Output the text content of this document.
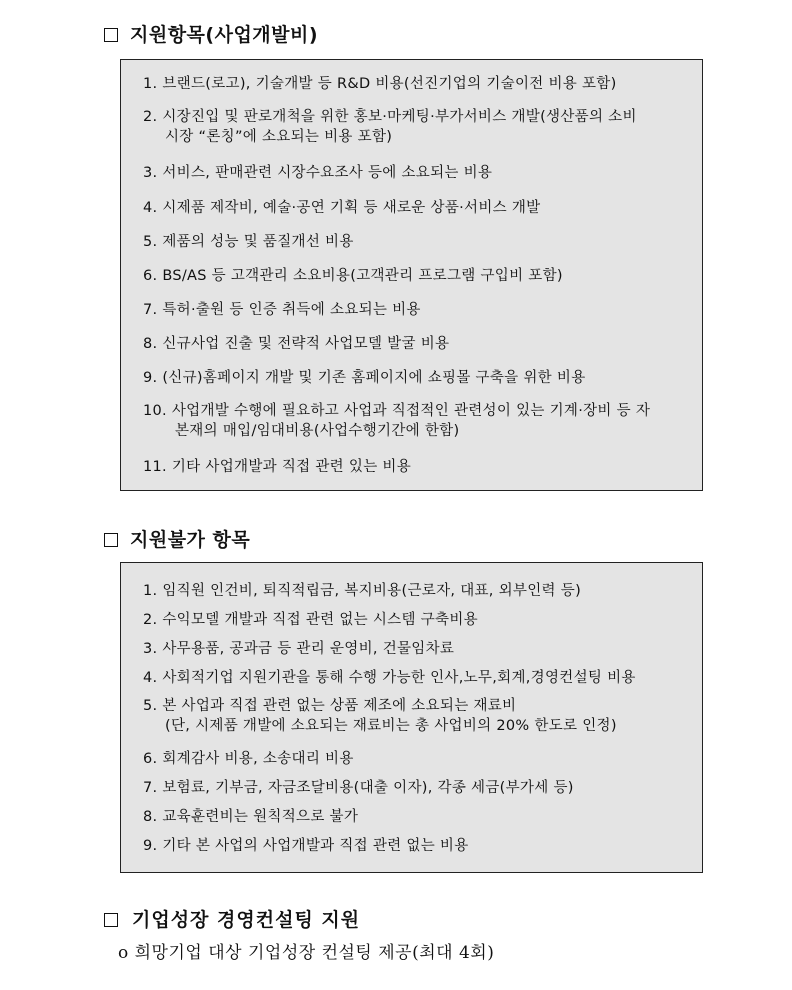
지원항목(사업개발비)
1. 브랜드(로고), 기술개발 등 R&D 비용(선진기업의 기술이전 비용 포함)
2. 시장진입 및 판로개척을 위한 홍보·마케팅·부가서비스 개발(생산품의 소비
시장 “론칭”에 소요되는 비용 포함)
3. 서비스, 판매관련 시장수요조사 등에 소요되는 비용
4. 시제품 제작비, 예술·공연 기획 등 새로운 상품·서비스 개발
5. 제품의 성능 및 품질개선 비용
6. BS/AS 등 고객관리 소요비용(고객관리 프로그램 구입비 포함)
7. 특허·출원 등 인증 취득에 소요되는 비용
8. 신규사업 진출 및 전략적 사업모델 발굴 비용
9. (신규)홈페이지 개발 및 기존 홈페이지에 쇼핑몰 구축을 위한 비용
10. 사업개발 수행에 필요하고 사업과 직접적인 관련성이 있는 기계·장비 등 자
본재의 매입/임대비용(사업수행기간에 한함)
11. 기타 사업개발과 직접 관련 있는 비용
지원불가 항목
1. 임직원 인건비, 퇴직적립금, 복지비용(근로자, 대표, 외부인력 등)
2. 수익모델 개발과 직접 관련 없는 시스템 구축비용
3. 사무용품, 공과금 등 관리 운영비, 건물임차료
4. 사회적기업 지원기관을 통해 수행 가능한 인사,노무,회계,경영컨설팅 비용
5. 본 사업과 직접 관련 없는 상품 제조에 소요되는 재료비
(단, 시제품 개발에 소요되는 재료비는 총 사업비의 20% 한도로 인정)
6. 회계감사 비용, 소송대리 비용
7. 보험료, 기부금, 자금조달비용(대출 이자), 각종 세금(부가세 등)
8. 교육훈련비는 원칙적으로 불가
9. 기타 본 사업의 사업개발과 직접 관련 없는 비용
기업성장 경영컨설팅 지원
o 희망기업 대상 기업성장 컨설팅 제공(최대 4회)
